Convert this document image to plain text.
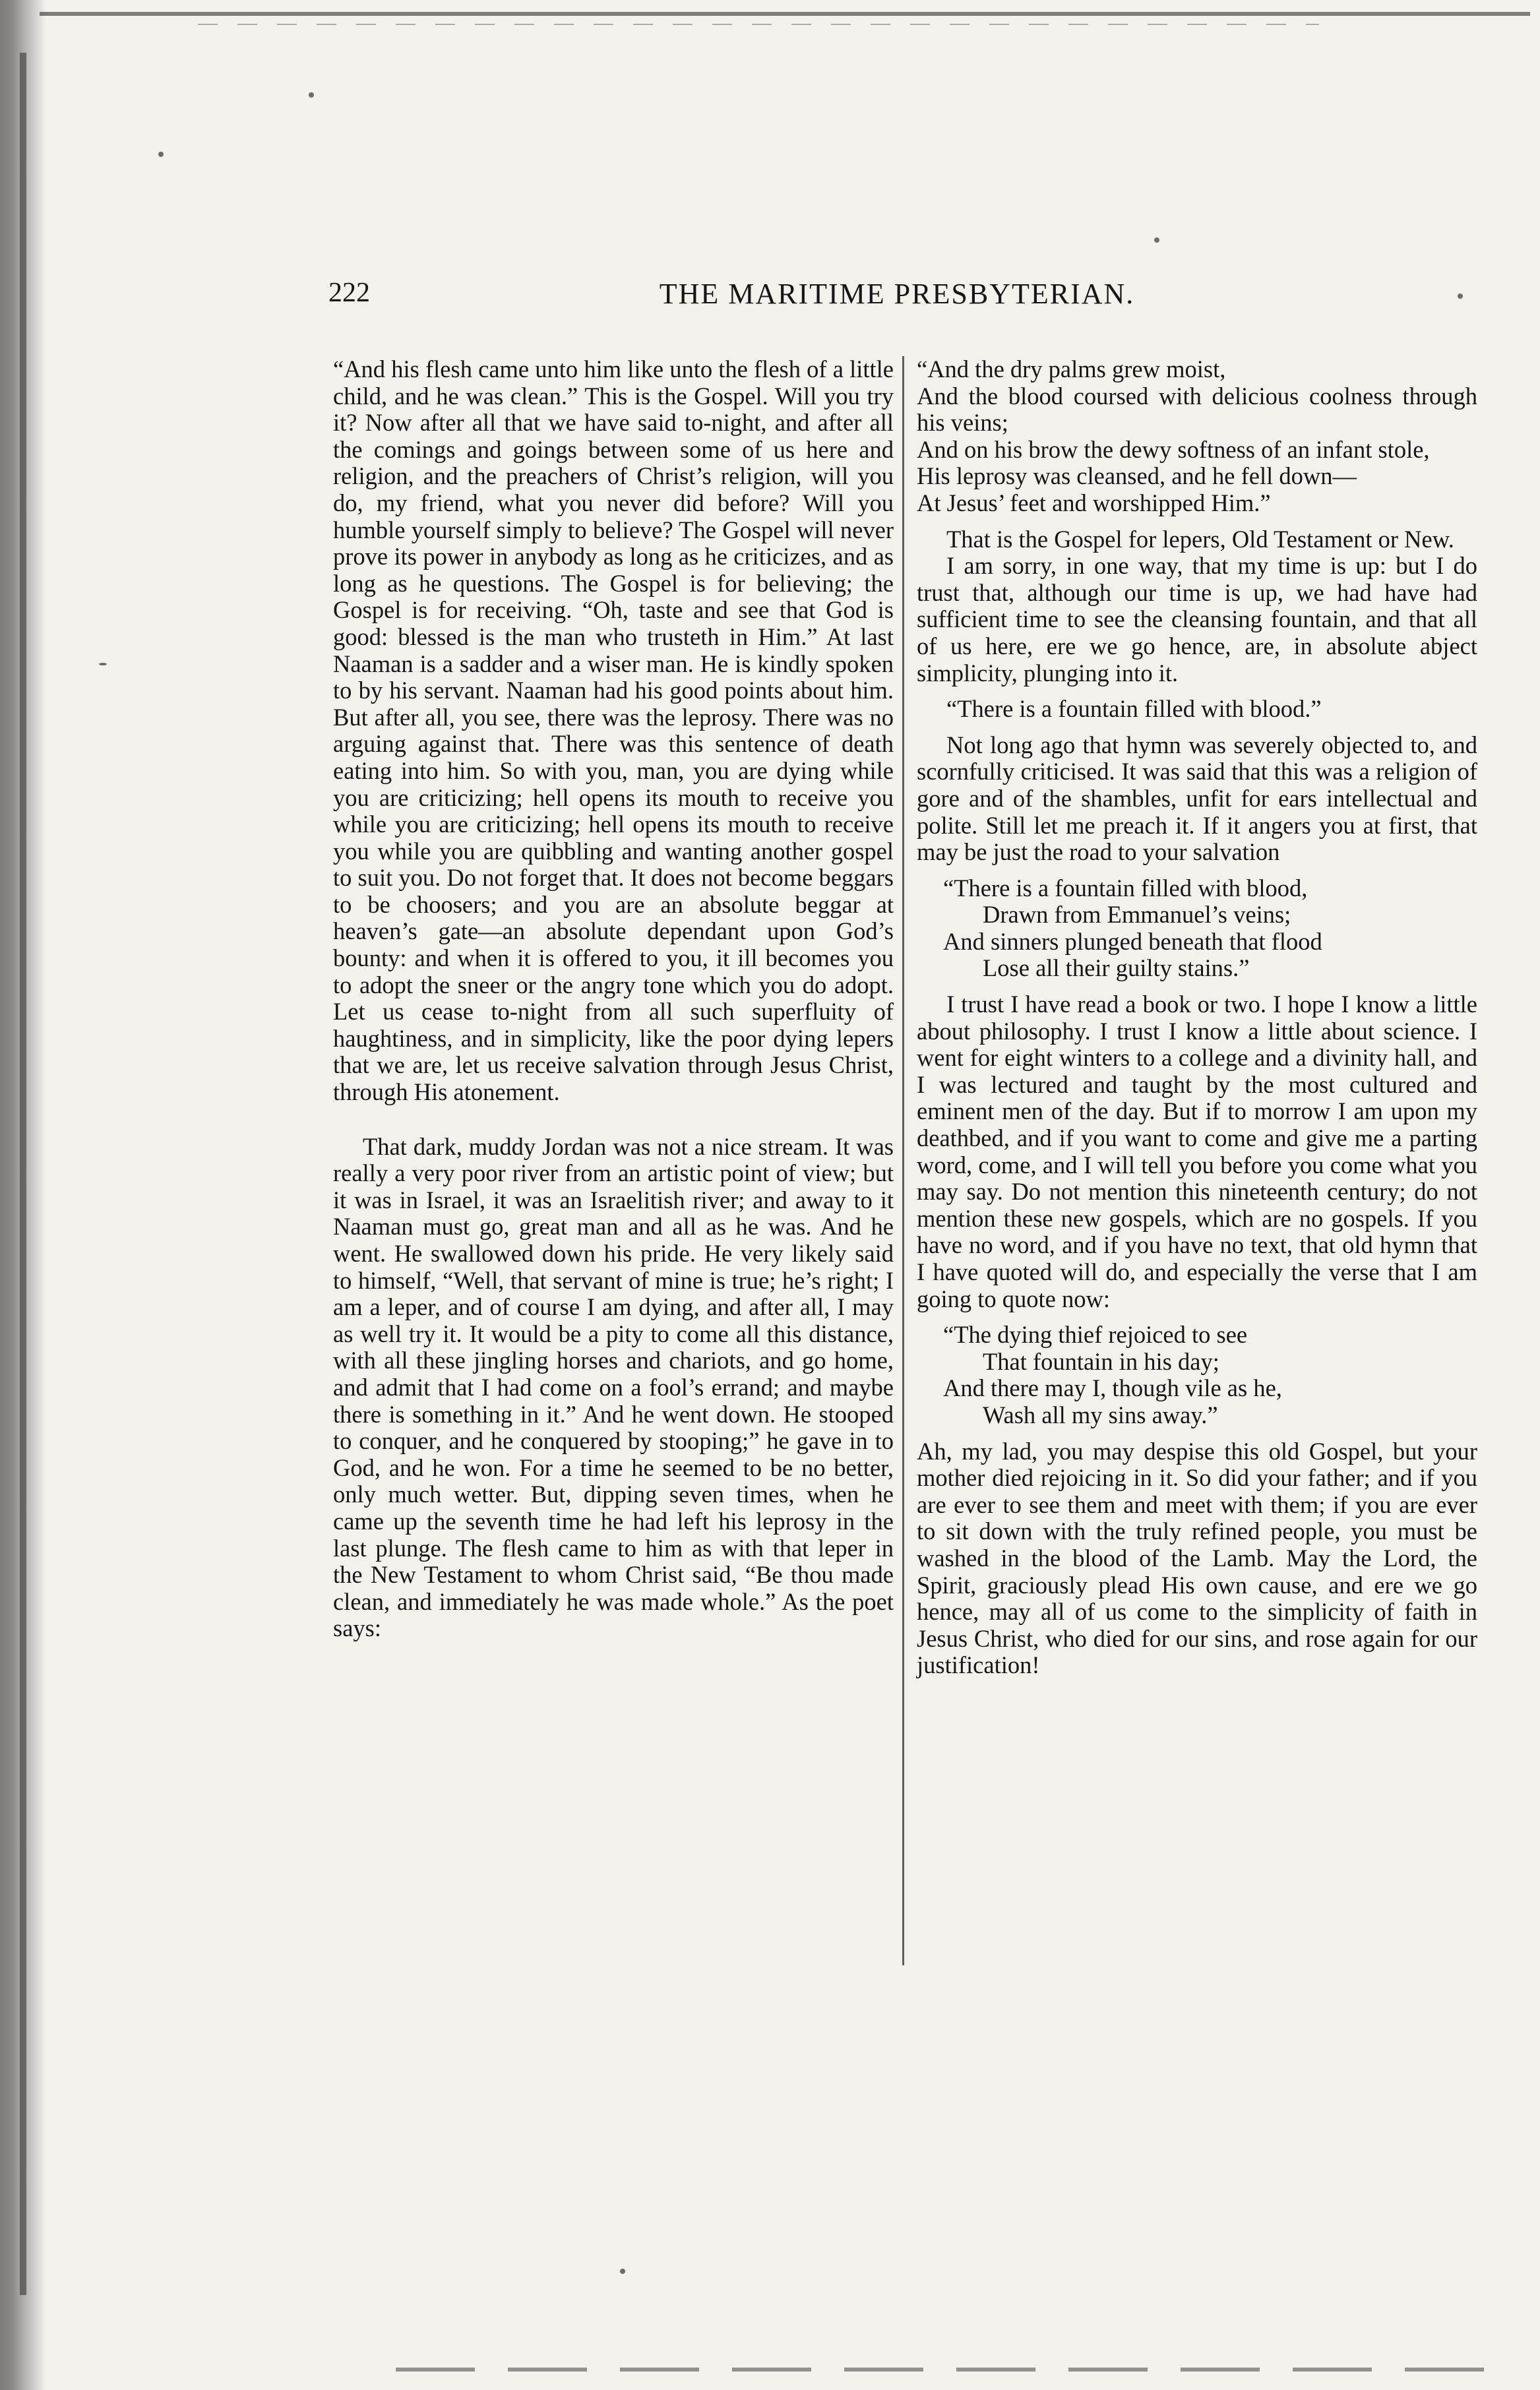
222	THE MARITIME PRESBYTERIAN.

“And his flesh came unto him like unto the flesh of a little child, and he was clean.” This is the Gospel. Will you try it? Now after all that we have said to-night, and after all the comings and goings between some of us here and religion, and the preachers of Christ’s religion, will you do, my friend, what you never did before? Will you humble yourself simply to believe? The Gospel will never prove its power in anybody as long as he criticizes, and as long as he questions. The Gospel is for believing; the Gospel is for receiving. “Oh, taste and see that God is good: blessed is the man who trusteth in Him.” At last Naaman is a sadder and a wiser man. He is kindly spoken to by his servant. Naaman had his good points about him. But after all, you see, there was the leprosy. There was no arguing against that. There was this sentence of death eating into him. So with you, man, you are dying while you are criticizing; hell opens its mouth to receive you while you are criticizing; hell opens its mouth to receive you while you are quibbling and wanting another gospel to suit you. Do not forget that. It does not become beggars to be choosers; and you are an absolute beggar at heaven’s gate—an absolute dependant upon God’s bounty: and when it is offered to you, it ill becomes you to adopt the sneer or the angry tone which you do adopt. Let us cease to-night from all such superfluity of haughtiness, and in simplicity, like the poor dying lepers that we are, let us receive salvation through Jesus Christ, through His atonement.

That dark, muddy Jordan was not a nice stream. It was really a very poor river from an artistic point of view; but it was in Israel, it was an Israelitish river; and away to it Naaman must go, great man and all as he was. And he went. He swallowed down his pride. He very likely said to himself, “Well, that servant of mine is true; he’s right; I am a leper, and of course I am dying, and after all, I may as well try it. It would be a pity to come all this distance, with all these jingling horses and chariots, and go home, and admit that I had come on a fool’s errand; and maybe there is something in it.” And he went down. He stooped to conquer, and he conquered by stooping;” he gave in to God, and he won. For a time he seemed to be no better, only much wetter. But, dipping seven times, when he came up the seventh time he had left his leprosy in the last plunge. The flesh came to him as with that leper in the New Testament to whom Christ said, “Be thou made clean, and immediately he was made whole.” As the poet says:

“And the dry palms grew moist,

And the blood coursed with delicious coolness through his veins;

And on his brow the dewy softness of an infant stole,

His leprosy was cleansed, and he fell down—

At Jesus’ feet and worshipped Him.”

That is the Gospel for lepers, Old Testament or New.

I am sorry, in one way, that my time is up: but I do trust that, although our time is up, we had have had sufficient time to see the cleansing fountain, and that all of us here, ere we go hence, are, in absolute abject simplicity, plunging into it.

“There is a fountain filled with blood.”

Not long ago that hymn was severely objected to, and scornfully criticised. It was said that this was a religion of gore and of the shambles, unfit for ears intellectual and polite. Still let me preach it. If it angers you at first, that may be just the road to your salvation

“There is a fountain filled with blood,

Drawn from Emmanuel’s veins;

And sinners plunged beneath that flood

Lose all their guilty stains.”

I trust I have read a book or two. I hope I know a little about philosophy. I trust I know a little about science. I went for eight winters to a college and a divinity hall, and I was lectured and taught by the most cultured and eminent men of the day. But if to morrow I am upon my deathbed, and if you want to come and give me a parting word, come, and I will tell you before you come what you may say. Do not mention this nineteenth century; do not mention these new gospels, which are no gospels. If you have no word, and if you have no text, that old hymn that I have quoted will do, and especially the verse that I am going to quote now:

“The dying thief rejoiced to see

That fountain in his day;

And there may I, though vile as he,

Wash all my sins away.”

Ah, my lad, you may despise this old Gospel, but your mother died rejoicing in it. So did your father; and if you are ever to see them and meet with them; if you are ever to sit down with the truly refined people, you must be washed in the blood of the Lamb. May the Lord, the Spirit, graciously plead His own cause, and ere we go hence, may all of us come to the simplicity of faith in Jesus Christ, who died for our sins, and rose again for our justification!
